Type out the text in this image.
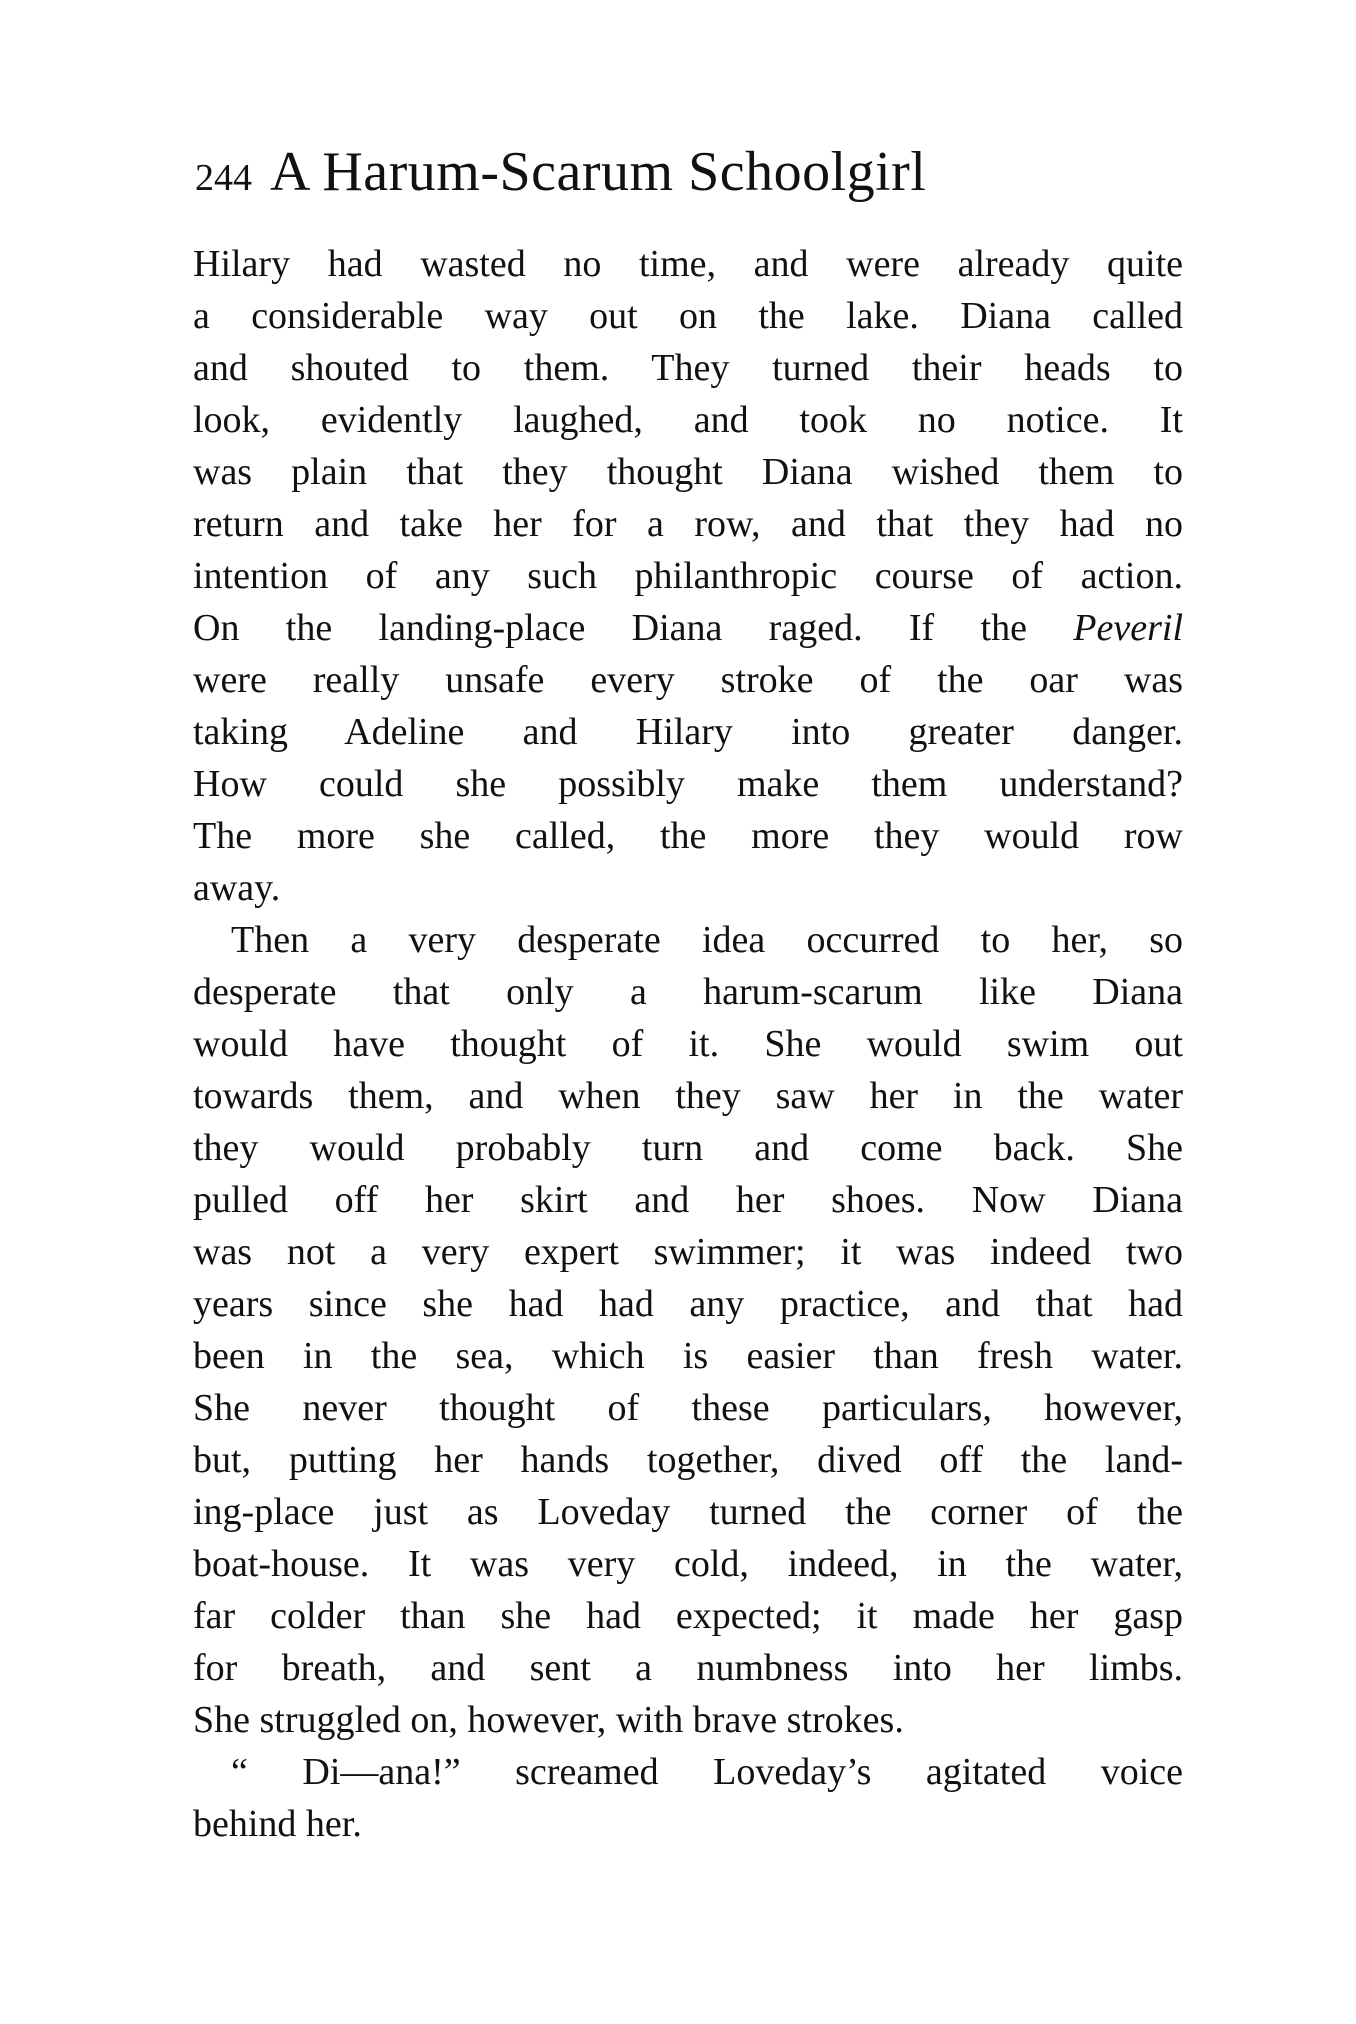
244 A Harum-Scarum Schoolgirl
Hilary had wasted no time, and were already quite
a considerable way out on the lake. Diana called
and shouted to them. They turned their heads to
look, evidently laughed, and took no notice. It
was plain that they thought Diana wished them to
return and take her for a row, and that they had no
intention of any such philanthropic course of action.
On the landing-place Diana raged. If the Peveril
were really unsafe every stroke of the oar was
taking Adeline and Hilary into greater danger.
How could she possibly make them understand?
The more she called, the more they would row
away.
Then a very desperate idea occurred to her, so
desperate that only a harum-scarum like Diana
would have thought of it. She would swim out
towards them, and when they saw her in the water
they would probably turn and come back. She
pulled off her skirt and her shoes. Now Diana
was not a very expert swimmer; it was indeed two
years since she had had any practice, and that had
been in the sea, which is easier than fresh water.
She never thought of these particulars, however,
but, putting her hands together, dived off the land-
ing-place just as Loveday turned the corner of the
boat-house. It was very cold, indeed, in the water,
far colder than she had expected; it made her gasp
for breath, and sent a numbness into her limbs.
She struggled on, however, with brave strokes.
“ Di—ana!” screamed Loveday’s agitated voice
behind her.
